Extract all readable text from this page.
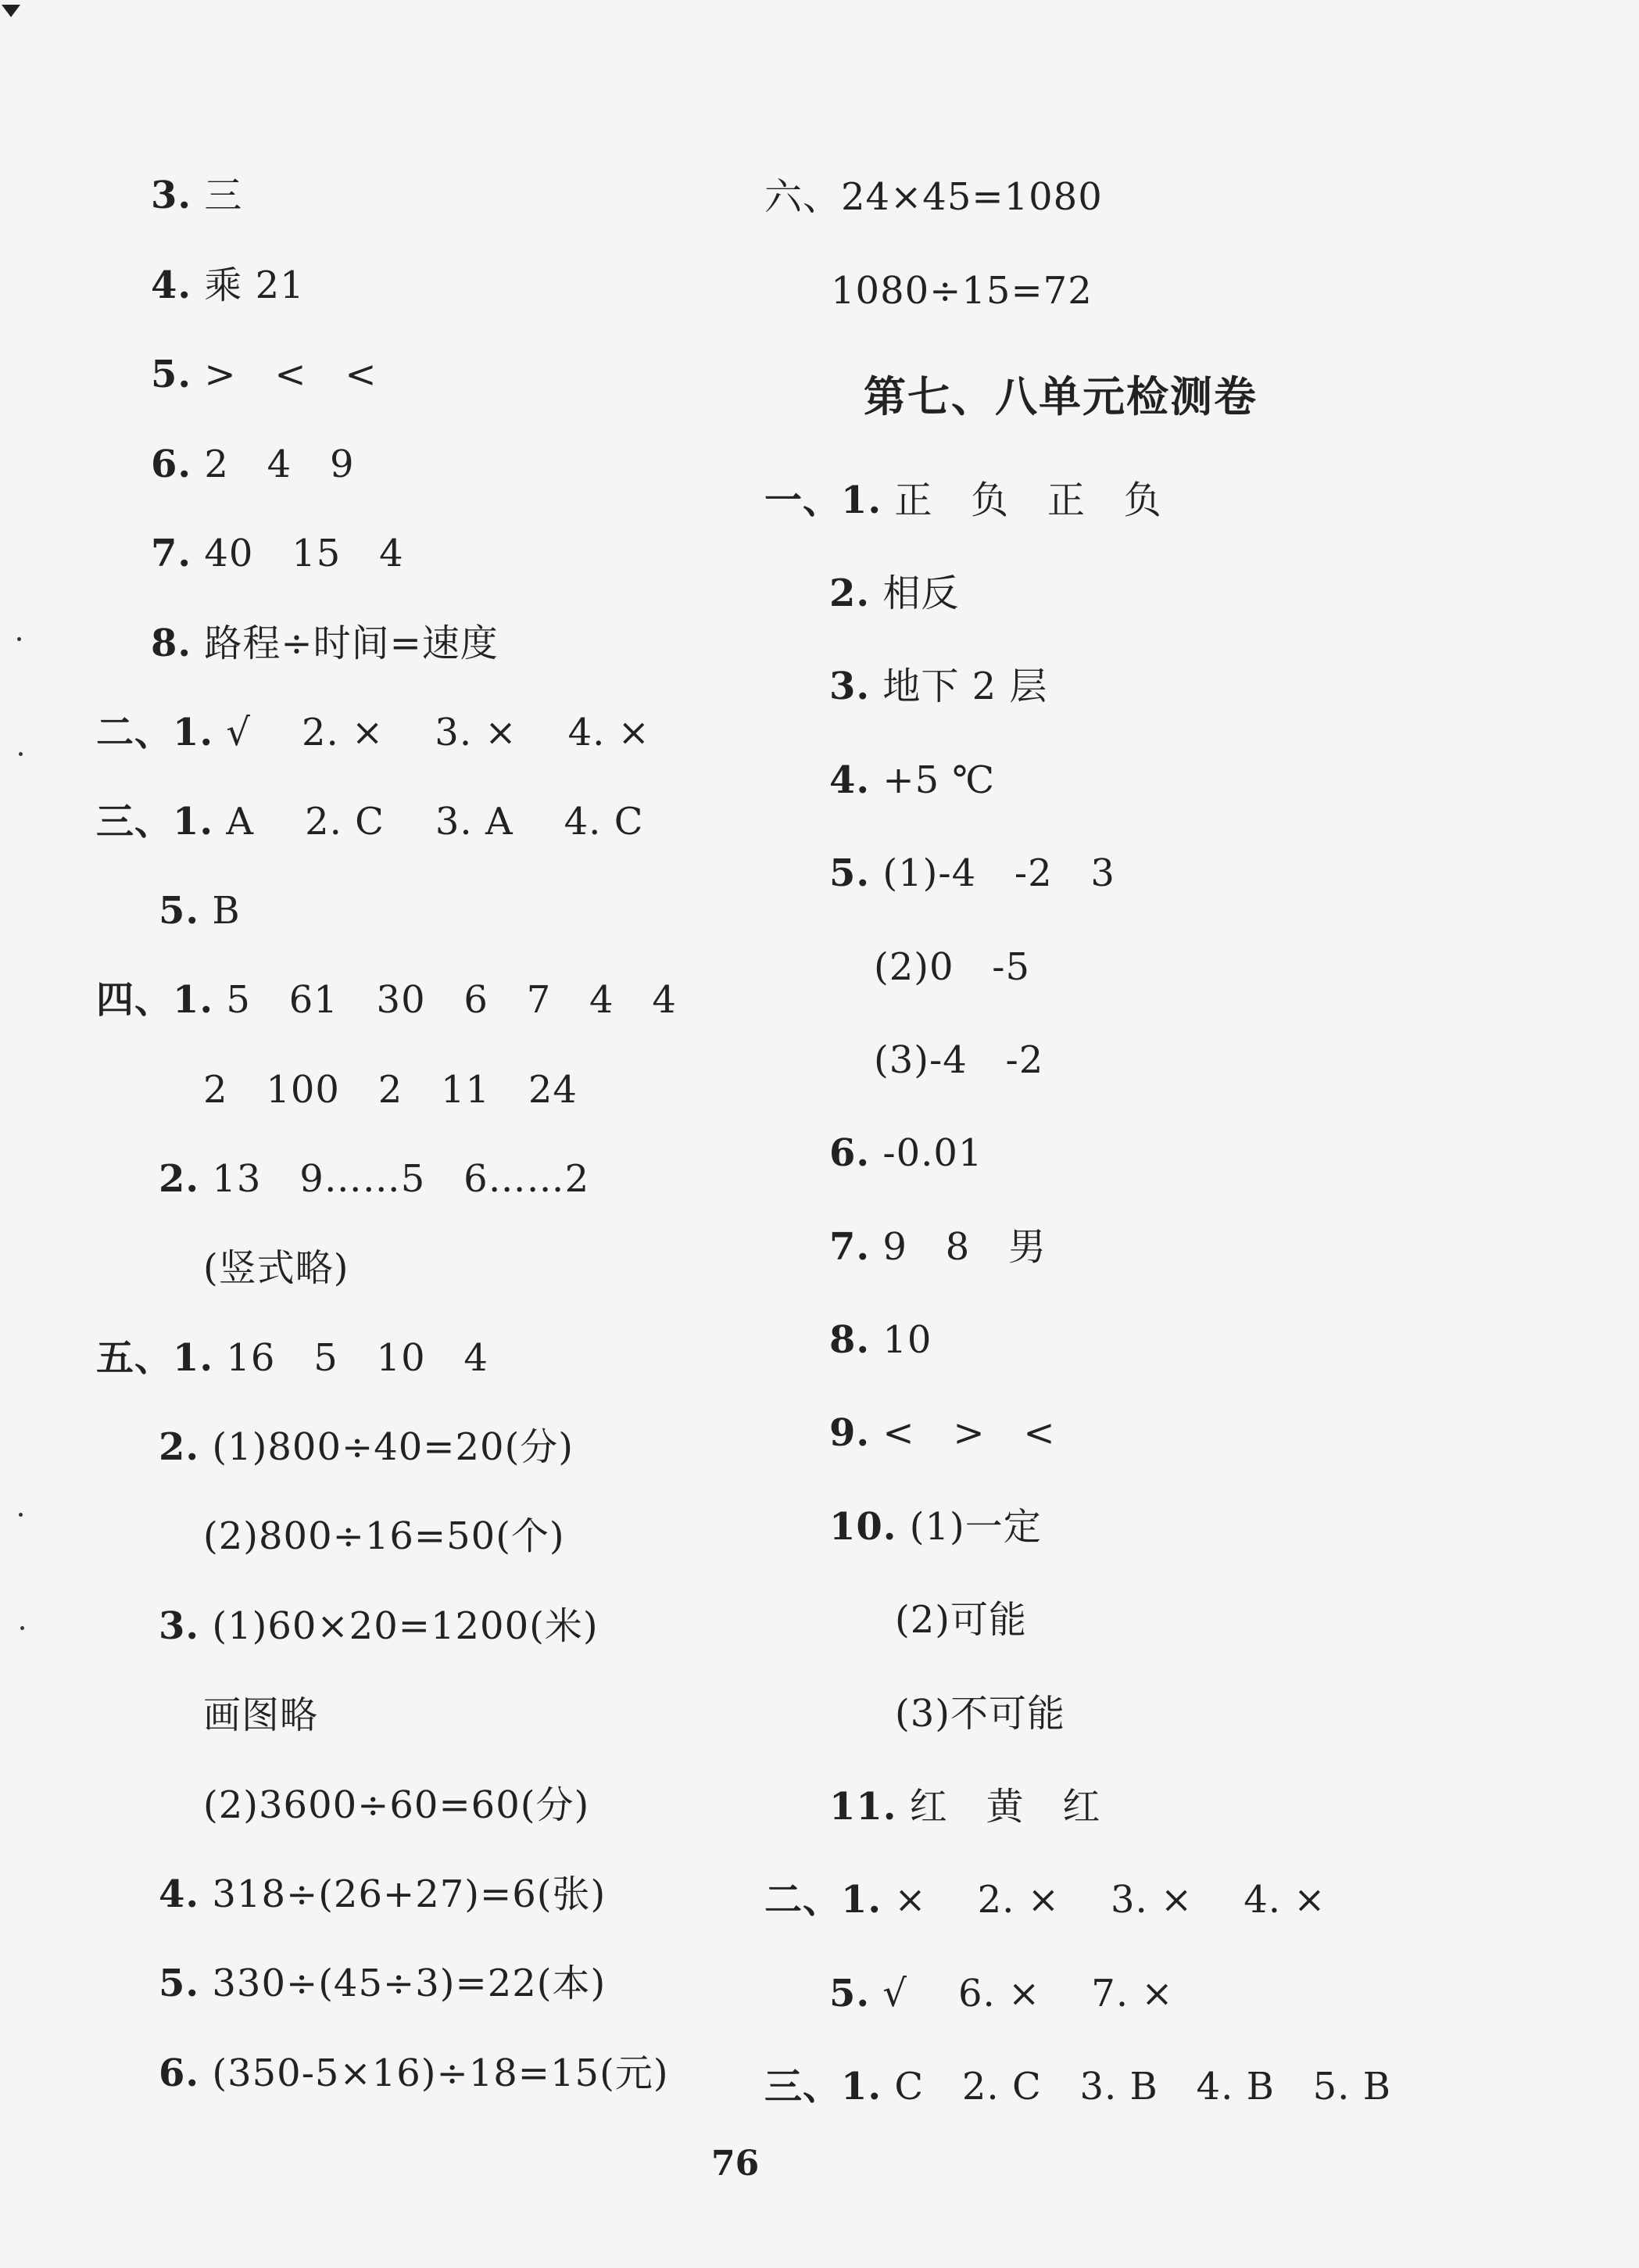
3. 三
4. 乘 21
5. >   <   <
6. 2   4   9
7. 40   15   4
8. 路程÷时间=速度
二、1. √    2. ×    3. ×    4. ×
三、1. A    2. C    3. A    4. C
5. B
四、1. 5   61   30   6   7   4   4
2   100   2   11   24
2. 13   9……5   6……2
(竖式略)
五、1. 16   5   10   4
2. (1)800÷40=20(分)
(2)800÷16=50(个)
3. (1)60×20=1200(米)
画图略
(2)3600÷60=60(分)
4. 318÷(26+27)=6(张)
5. 330÷(45÷3)=22(本)
6. (350-5×16)÷18=15(元)
六、24×45=1080
1080÷15=72
第七、八单元检测卷
一、1. 正   负   正   负
2. 相反
3. 地下 2 层
4. +5 ℃
5. (1)-4   -2   3
(2)0   -5
(3)-4   -2
6. -0.01
7. 9   8   男
8. 10
9. <   >   <
10. (1)一定
(2)可能
(3)不可能
11. 红   黄   红
二、1. ×    2. ×    3. ×    4. ×
5. √    6. ×    7. ×
三、1. C   2. C   3. B   4. B   5. B
76
